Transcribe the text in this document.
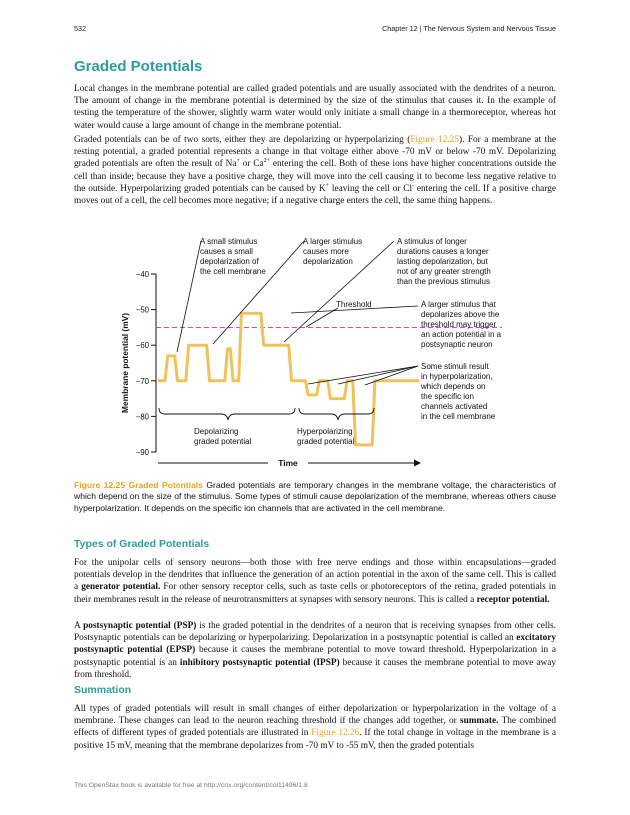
532	Chapter 12 | The Nervous System and Nervous Tissue
Graded Potentials

Local changes in the membrane potential are called graded potentials and are usually associated with the dendrites of a neuron. The amount of change in the membrane potential is determined by the size of the stimulus that causes it. In the example of testing the temperature of the shower, slightly warm water would only initiate a small change in a thermoreceptor, whereas hot water would cause a large amount of change in the membrane potential.

Graded potentials can be of two sorts, either they are depolarizing or hyperpolarizing (Figure 12.25). For a membrane at the resting potential, a graded potential represents a change in that voltage either above -70 mV or below -70 mV. Depolarizing graded potentials are often the result of Na+ or $Ca^{2+}$ entering the cell. Both of these ions have higher concentrations outside the cell than inside; because they have a positive charge, they will move into the cell causing it to become less negative relative to the outside. Hyperpolarizing graded potentials can be caused by K+ leaving the cell or Cl- entering the cell. If a positive charge moves out of a cell, the cell becomes more negative; if a negative charge enters the cell, the same thing happens.

−40
−50
−60
−70
−80
−90
Membrane potential (mV)
Time
A small stimulus causes a small depolarization of the cell membrane
A larger stimulus causes more depolarization
A stimulus of longer durations causes a longer lasting depolarization, but not of any greater strength than the previous stimulus
Threshold	A larger stimulus that depolarizes above the threshold may trigger an action potential in a postsynaptic neuron
Some stimuli result in hyperpolarization, which depends on the specific ion channels activated in the cell membrane
Depolarizing graded potential
Hyperpolarizing graded potential

Figure 12.25 Graded Potentials Graded potentials are temporary changes in the membrane voltage, the characteristics of which depend on the size of the stimulus. Some types of stimuli cause depolarization of the membrane, whereas others cause hyperpolarization. It depends on the specific ion channels that are activated in the cell membrane.

Types of Graded Potentials

For the unipolar cells of sensory neurons—both those with free nerve endings and those within encapsulations—graded potentials develop in the dendrites that influence the generation of an action potential in the axon of the same cell. This is called a generator potential. For other sensory receptor cells, such as taste cells or photoreceptors of the retina, graded potentials in their membranes result in the release of neurotransmitters at synapses with sensory neurons. This is called a receptor potential.

A postsynaptic potential (PSP) is the graded potential in the dendrites of a neuron that is receiving synapses from other cells. Postsynaptic potentials can be depolarizing or hyperpolarizing. Depolarization in a postsynaptic potential is called an excitatory postsynaptic potential (EPSP) because it causes the membrane potential to move toward threshold. Hyperpolarization in a postsynaptic potential is an inhibitory postsynaptic potential (IPSP) because it causes the membrane potential to move away from threshold.

Summation

All types of graded potentials will result in small changes of either depolarization or hyperpolarization in the voltage of a membrane. These changes can lead to the neuron reaching threshold if the changes add together, or summate. The combined effects of different types of graded potentials are illustrated in Figure 12.26. If the total change in voltage in the membrane is a positive 15 mV, meaning that the membrane depolarizes from -70 mV to -55 mV, then the graded potentials

This OpenStax book is available for free at http://cnx.org/content/col11496/1.8
